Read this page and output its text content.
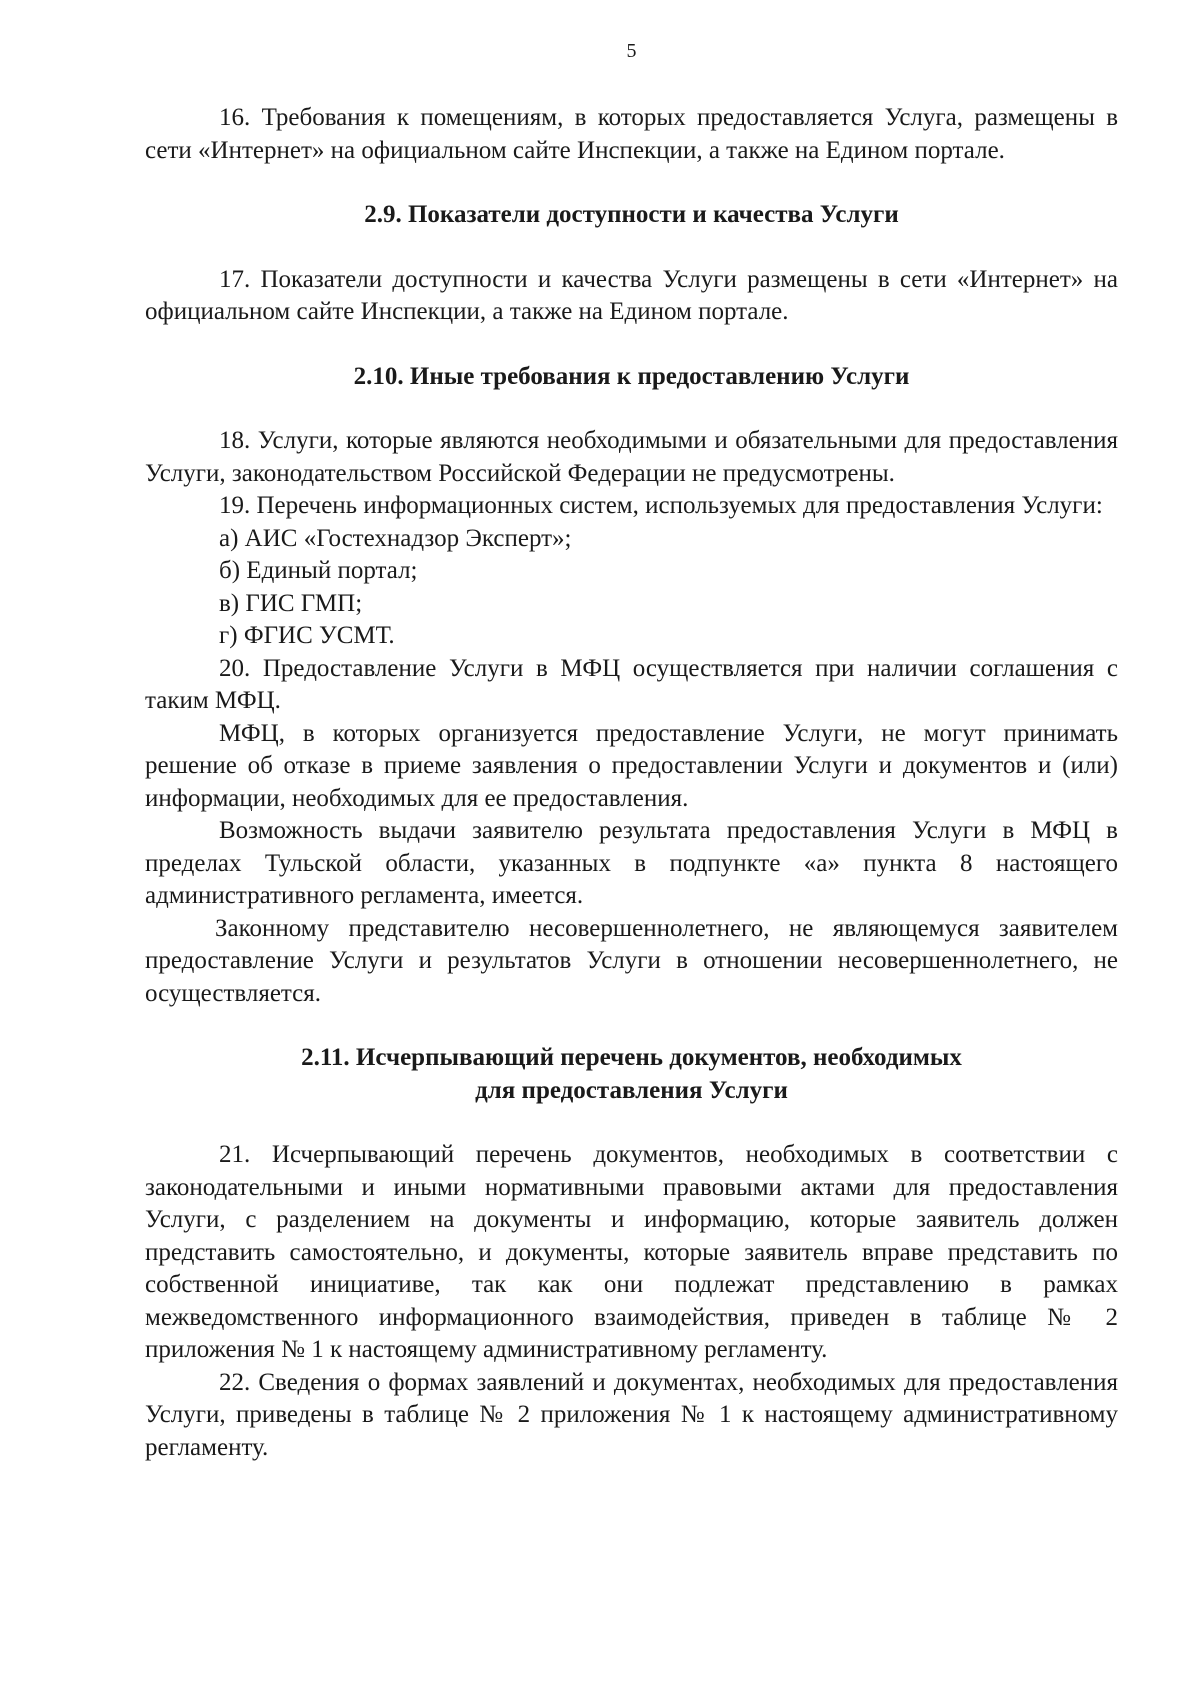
5

16. Требования к помещениям, в которых предоставляется Услуга, размещены в сети «Интернет» на официальном сайте Инспекции, а также на Едином портале.

2.9. Показатели доступности и качества Услуги

17. Показатели доступности и качества Услуги размещены в сети «Интернет» на официальном сайте Инспекции, а также на Едином портале.

2.10. Иные требования к предоставлению Услуги

18. Услуги, которые являются необходимыми и обязательными для предоставления Услуги, законодательством Российской Федерации не предусмотрены.

19. Перечень информационных систем, используемых для предоставления Услуги:

а) АИС «Гостехнадзор Эксперт»;
б) Единый портал;
в) ГИС ГМП;
г) ФГИС УСМТ.

20. Предоставление Услуги в МФЦ осуществляется при наличии соглашения с таким МФЦ.

МФЦ, в которых организуется предоставление Услуги, не могут принимать решение об отказе в приеме заявления о предоставлении Услуги и документов и (или) информации, необходимых для ее предоставления.

Возможность выдачи заявителю результата предоставления Услуги в МФЦ в пределах Тульской области, указанных в подпункте «а» пункта 8 настоящего административного регламента, имеется.

Законному представителю несовершеннолетнего, не являющемуся заявителем предоставление Услуги и результатов Услуги в отношении несовершеннолетнего, не осуществляется.

2.11. Исчерпывающий перечень документов, необходимых
для предоставления Услуги

21. Исчерпывающий перечень документов, необходимых в соответствии с законодательными и иными нормативными правовыми актами для предоставления Услуги, с разделением на документы и информацию, которые заявитель должен представить самостоятельно, и документы, которые заявитель вправе представить по собственной инициативе, так как они подлежат представлению в рамках межведомственного информационного взаимодействия, приведен в таблице № 2 приложения № 1 к настоящему административному регламенту.

22. Сведения о формах заявлений и документах, необходимых для предоставления Услуги, приведены в таблице № 2 приложения № 1 к настоящему административному регламенту.
